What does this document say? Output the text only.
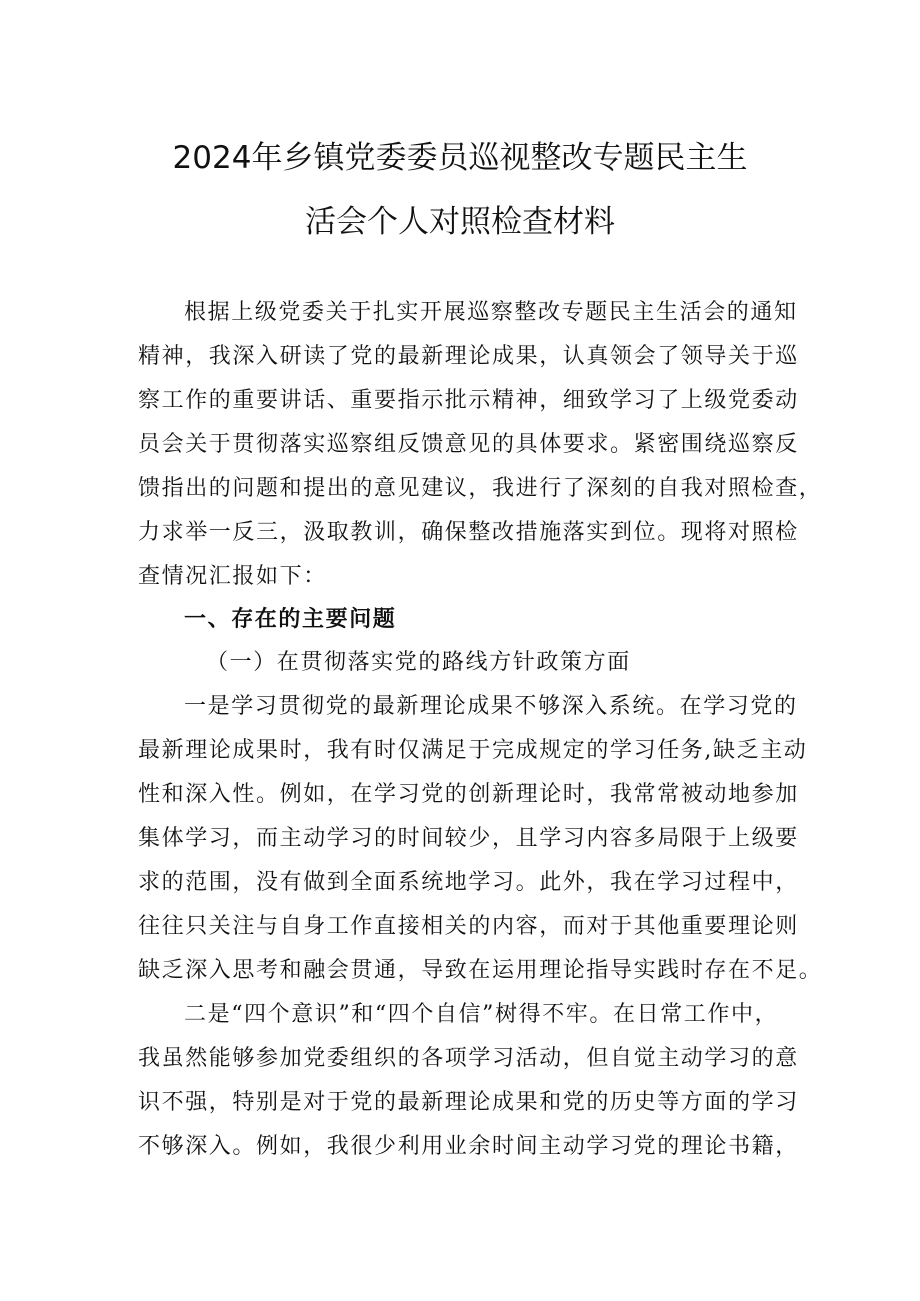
2024年乡镇党委委员巡视整改专题民主生
活会个人对照检查材料
根据上级党委关于扎实开展巡察整改专题民主生活会的通知
精神，我深入研读了党的最新理论成果，认真领会了领导关于巡
察工作的重要讲话、重要指示批示精神，细致学习了上级党委动
员会关于贯彻落实巡察组反馈意见的具体要求。紧密围绕巡察反
馈指出的问题和提出的意见建议，我进行了深刻的自我对照检查，
力求举一反三，汲取教训，确保整改措施落实到位。现将对照检
查情况汇报如下：
一、存在的主要问题
（一）在贯彻落实党的路线方针政策方面
一是学习贯彻党的最新理论成果不够深入系统。在学习党的
最新理论成果时，我有时仅满足于完成规定的学习任务,缺乏主动
性和深入性。例如，在学习党的创新理论时，我常常被动地参加
集体学习，而主动学习的时间较少，且学习内容多局限于上级要
求的范围，没有做到全面系统地学习。此外，我在学习过程中，
往往只关注与自身工作直接相关的内容，而对于其他重要理论则
缺乏深入思考和融会贯通，导致在运用理论指导实践时存在不足。
二是“四个意识”和“四个自信”树得不牢。在日常工作中，
我虽然能够参加党委组织的各项学习活动，但自觉主动学习的意
识不强，特别是对于党的最新理论成果和党的历史等方面的学习
不够深入。例如，我很少利用业余时间主动学习党的理论书籍，
